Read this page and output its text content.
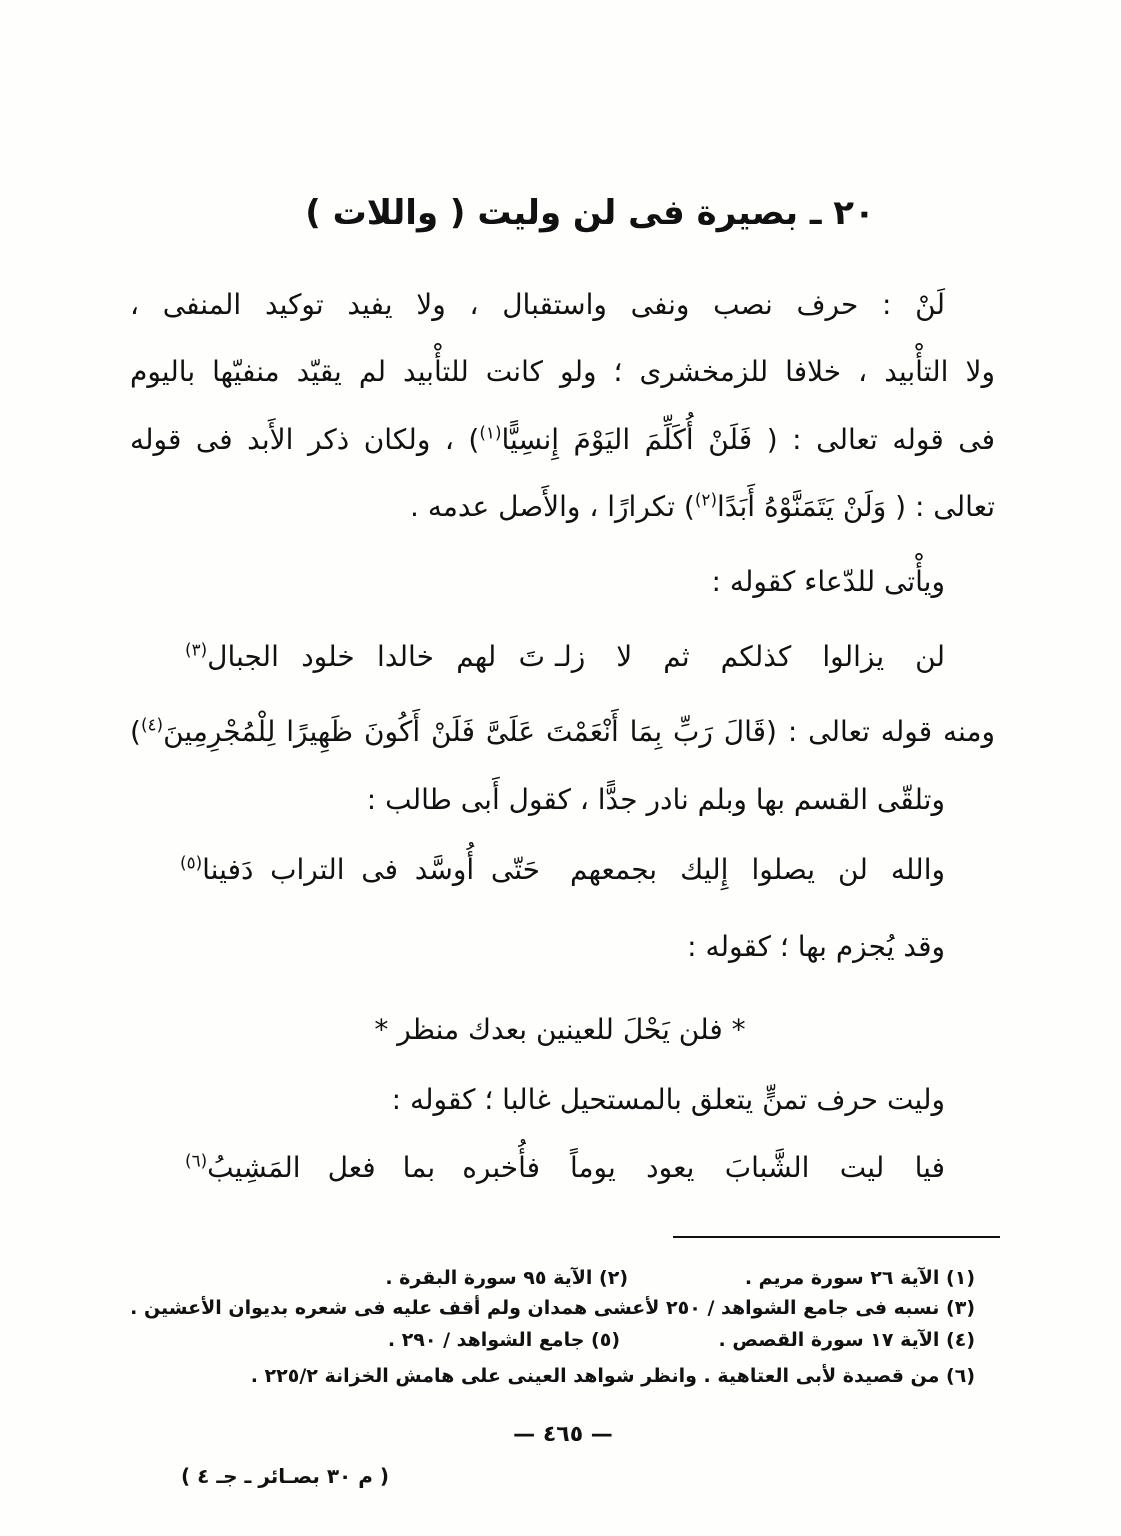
٢٠ ـ بصيرة فى لن وليت ( واللات )
لَنْ : حرف نصب ونفى واستقبال ، ولا يفيد توكيد المنفى ،
ولا التأْبيد ، خلافا للزمخشرى ؛ ولو كانت للتأْبيد لم يقيّد منفيّها باليوم
فى قوله تعالى : ( فَلَنْ أُكَلِّمَ اليَوْمَ إِنسِيًّا$^{(١)}$) ، ولكان ذكر الأَبد فى قوله
تعالى : ( وَلَنْ يَتَمَنَّوْهُ أَبَدًا$^{(٢)}$) تكرارًا ، والأَصل عدمه .
ويأْتى للدّعاء كقوله :
لن يزالوا كذلكم ثم لا زلـ
تَ لهم خالدا خلود الجبال$^{(٣)}$
ومنه قوله تعالى : (قَالَ رَبِّ بِمَا أَنْعَمْتَ عَلَىَّ فَلَنْ أَكُونَ ظَهِيرًا لِلْمُجْرِمِينَ$^{(٤)}$)
وتلقّى القسم بها وبلم نادر جدًّا ، كقول أَبى طالب :
والله لن يصلوا إِليك بجمعهم
حَتّى أُوسَّد فى التراب دَفينا$^{(٥)}$
وقد يُجزم بها ؛ كقوله :
* فلن يَحْلَ للعينين بعدك منظر *
وليت حرف تمنٍّ يتعلق بالمستحيل غالبا ؛ كقوله :
فيا ليت الشَّبابَ يعود يوماً
فأُخبره بما فعل المَشِيبُ$^{(٦)}$
(١) الآية ٢٦ سورة مريم .
(٢) الآية ٩٥ سورة البقرة .
(٣) نسبه فى جامع الشواهد / ٢٥٠ لأعشى همدان ولم أقف عليه فى شعره بديوان الأعشين .
(٤) الآية ١٧ سورة القصص .
(٥) جامع الشواهد / ٢٩٠ .
(٦) من قصيدة لأبى العتاهية . وانظر شواهد العينى على هامش الخزانة ٢٢٥/٢ .
— ٤٦٥ —
( م ٣٠ بصـائر ـ جـ ٤ )
